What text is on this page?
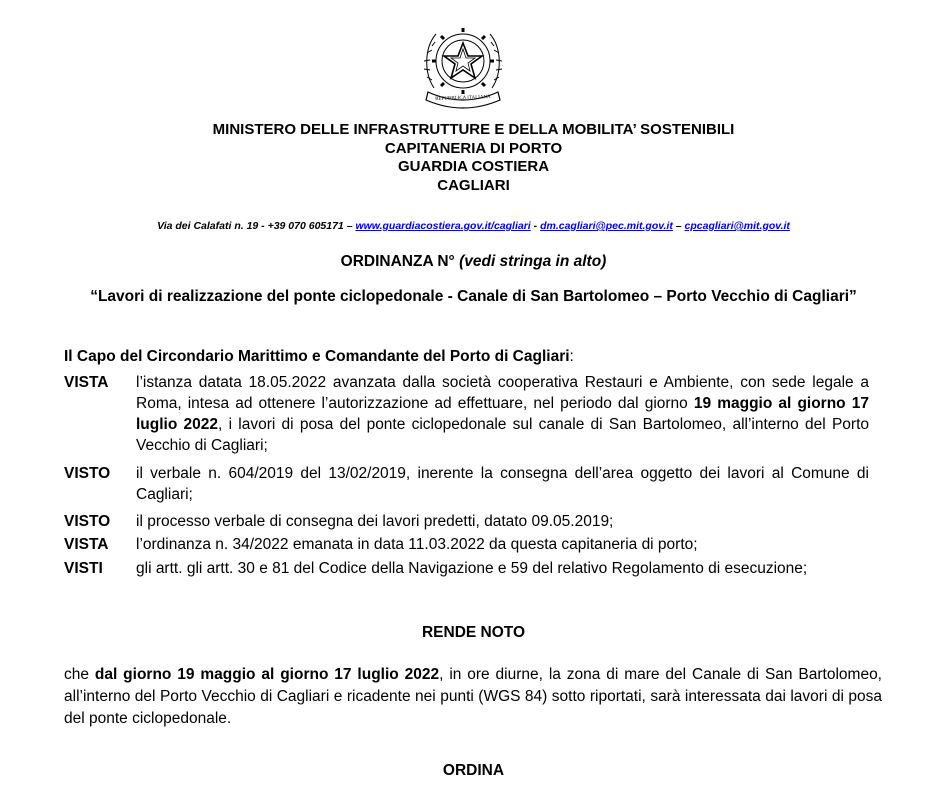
REPUBBLICA ITALIANA
MINISTERO DELLE INFRASTRUTTURE E DELLA MOBILITA’ SOSTENIBILI
CAPITANERIA DI PORTO
GUARDIA COSTIERA
CAGLIARI
Via dei Calafati n. 19 - +39 070 605171 – www.guardiacostiera.gov.it/cagliari - dm.cagliari@pec.mit.gov.it – cpcagliari@mit.gov.it
ORDINANZA N° (vedi stringa in alto)
“Lavori di realizzazione del ponte ciclopedonale - Canale di San Bartolomeo – Porto Vecchio di Cagliari”
Il Capo del Circondario Marittimo e Comandante del Porto di Cagliari:
VISTA l’istanza datata 18.05.2022 avanzata dalla società cooperativa Restauri e Ambiente, con sede legale a Roma, intesa ad ottenere l’autorizzazione ad effettuare, nel periodo dal giorno 19 maggio al giorno 17 luglio 2022, i lavori di posa del ponte ciclopedonale sul canale di San Bartolomeo, all’interno del Porto Vecchio di Cagliari;
VISTO il verbale n. 604/2019 del 13/02/2019, inerente la consegna dell’area oggetto dei lavori al Comune di Cagliari;
VISTO il processo verbale di consegna dei lavori predetti, datato 09.05.2019;
VISTA l’ordinanza n. 34/2022 emanata in data 11.03.2022 da questa capitaneria di porto;
VISTI gli artt. gli artt. 30 e 81 del Codice della Navigazione e 59 del relativo Regolamento di esecuzione;
RENDE NOTO
che dal giorno 19 maggio al giorno 17 luglio 2022, in ore diurne, la zona di mare del Canale di San Bartolomeo, all’interno del Porto Vecchio di Cagliari e ricadente nei punti (WGS 84) sotto riportati, sarà interessata dai lavori di posa del ponte ciclopedonale.
ORDINA
